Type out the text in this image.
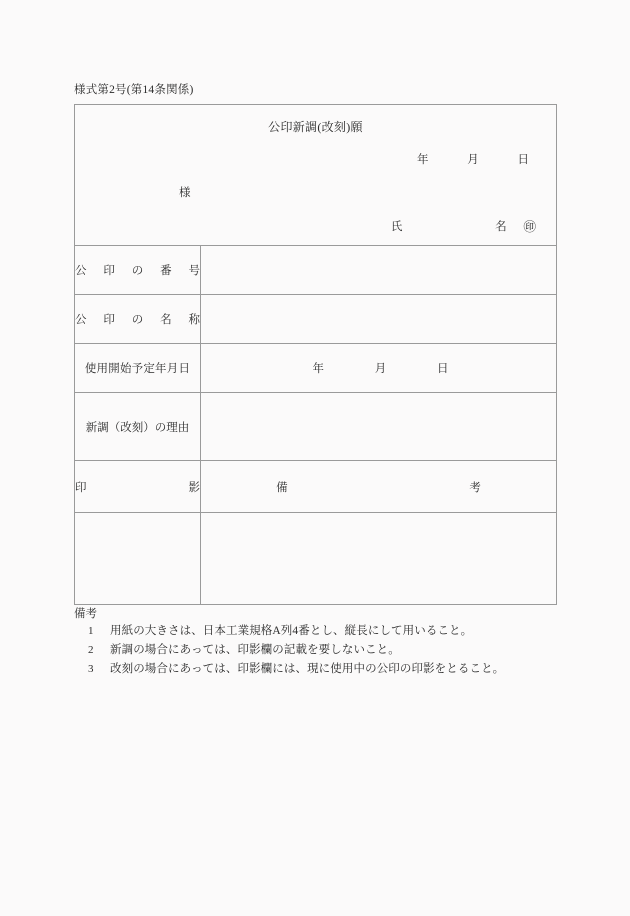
様式第2号(第14条関係)
公印新調(改刻)願
年 月 日
様
氏 名 ㊞	

公印の番号	

公印の名称	

使用開始予定年月日	年 月 日

新調（改刻）の理由	

印影	備 考

備考
1	用紙の大きさは、日本工業規格A列4番とし、縦長にして用いること。
2	新調の場合にあっては、印影欄の記載を要しないこと。
3	改刻の場合にあっては、印影欄には、現に使用中の公印の印影をとること。
